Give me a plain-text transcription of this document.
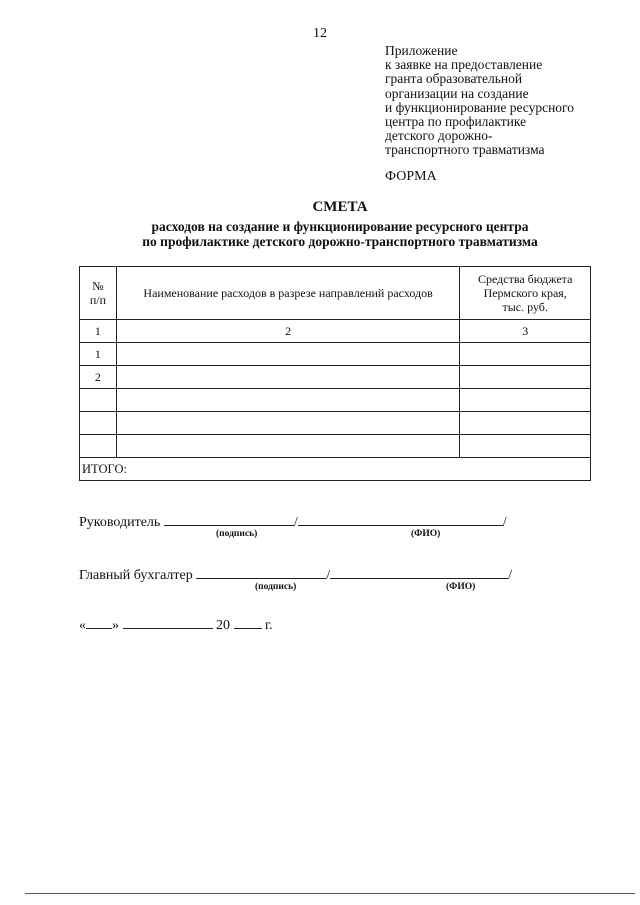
12
Приложение
к заявке на предоставление
гранта образовательной
организации на создание
и функционирование ресурсного
центра по профилактике
детского дорожно-
транспортного травматизма
ФОРМА
СМЕТА
расходов на создание и функционирование ресурсного центра
по профилактике детского дорожно-транспортного травматизма
№
п/п	Наименование расходов в разрезе направлений расходов	Средства бюджета
Пермского края,
тыс. руб.
1	2	3
1		
2		

ИТОГО:		
Руководитель	/	/
(подпись)	(ФИО)
Главный бухгалтер	/	/
(подпись)	(ФИО)
« »	20	г.
